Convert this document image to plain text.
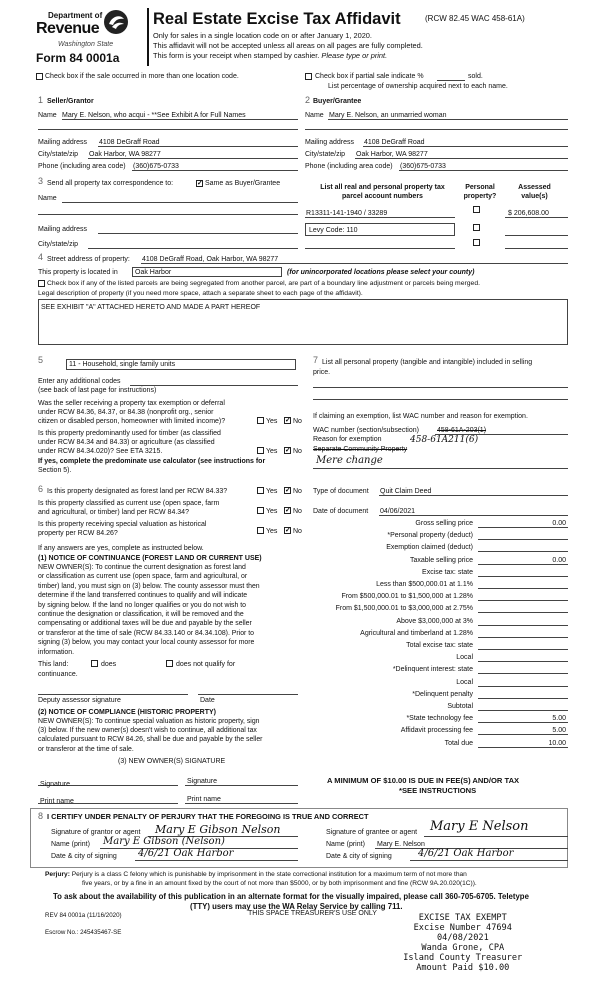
Department of
Revenue
Washington State
Form 84 0001a
Real Estate Excise Tax Affidavit	(RCW 82.45 WAC 458-61A)
Only for sales in a single location code on or after January 1, 2020.
This affidavit will not be accepted unless all areas on all pages are fully completed.
This form is your receipt when stamped by cashier. Please type or print.
Check box if the sale occurred in more than one location code.	Check box if partial sale indicate %	sold.
List percentage of ownership acquired next to each name.
1 Seller/Grantor
Name Mary E. Nelson, who acqui - **See Exhibit A for Full Names
Mailing address 4108 DeGraff Road
City/state/zip Oak Harbor, WA 98277
Phone (including area code) (360)675-0733
2 Buyer/Grantee
Name Mary E. Nelson, an unmarried woman
Mailing address 4108 DeGraff Road
City/state/zip Oak Harbor, WA 98277
Phone (including area code) (360)675-0733
3 Send all property tax correspondence to:	✓ Same as Buyer/Grantee
Name
Mailing address
City/state/zip
List all real and personal property tax parcel account numbers
Personal property?
Assessed value(s)
R13311-141-1940 / 33289	$ 206,608.00
Levy Code: 110
4 Street address of property: 4108 DeGraff Road, Oak Harbor, WA 98277
This property is located in Oak Harbor	(for unincorporated locations please select your county)
Check box if any of the listed parcels are being segregated from another parcel, are part of a boundary line adjustment or parcels being merged.
Legal description of property (if you need more space, attach a separate sheet to each page of the affidavit).
SEE EXHIBIT "A" ATTACHED HERETO AND MADE A PART HEREOF
5	11 - Household, single family units
Enter any additional codes
(see back of last page for instructions)
Was the seller receiving a property tax exemption or deferral
under RCW 84.36, 84.37, or 84.38 (nonprofit org., senior
citizen or disabled person, homeowner with limited income)?	Yes ✓ No
Is this property predominantly used for timber (as classified
under RCW 84.34 and 84.33) or agriculture (as classified
under RCW 84.34.020)? See ETA 3215.	Yes ✓ No
If yes, complete the predominate use calculator (see instructions for
Section 5).
7 List all personal property (tangible and intangible) included in selling
price.
If claiming an exemption, list WAC number and reason for exemption.
WAC number (section/subsection)	458-61A-203(1)
Reason for exemption	458-61A211(6)
Separate Community Property
Mere change
6 Is this property designated as forest land per RCW 84.33?	Yes ✓ No
Is this property classified as current use (open space, farm
and agricultural, or timber) land per RCW 84.34?	Yes ✓ No
Is this property receiving special valuation as historical
property per RCW 84.26?	Yes ✓ No
If any answers are yes, complete as instructed below.
(1) NOTICE OF CONTINUANCE (FOREST LAND OR CURRENT USE)
NEW OWNER(S): To continue the current designation as forest land
or classification as current use (open space, farm and agricultural, or
timber) land, you must sign on (3) below. The county assessor must then
determine if the land transferred continues to qualify and will indicate
by signing below. If the land no longer qualifies or you do not wish to
continue the designation or classification, it will be removed and the
compensating or additional taxes will be due and payable by the seller
or transferor at the time of sale (RCW 84.33.140 or 84.34.108). Prior to
signing (3) below, you may contact your local county assessor for more
information.
This land:	does	does not qualify for
continuance.
Deputy assessor signature	Date
(2) NOTICE OF COMPLIANCE (HISTORIC PROPERTY)
NEW OWNER(S): To continue special valuation as historic property, sign
(3) below. If the new owner(s) doesn't wish to continue, all additional tax
calculated pursuant to RCW 84.26, shall be due and payable by the seller
or transferor at the time of sale.
(3) NEW OWNER(S) SIGNATURE
Signature	Signature
Print name	Print name
Type of document Quit Claim Deed
Date of document 04/06/2021
Gross selling price	0.00
*Personal property (deduct)
Exemption claimed (deduct)
Taxable selling price	0.00
Excise tax: state
Less than $500,000.01 at 1.1%
From $500,000.01 to $1,500,000 at 1.28%
From $1,500,000.01 to $3,000,000 at 2.75%
Above $3,000,000 at 3%
Agricultural and timberland at 1.28%
Total excise tax: state
Local
*Delinquent interest: state
Local
*Delinquent penalty
Subtotal
*State technology fee	5.00
Affidavit processing fee	5.00
Total due	10.00
A MINIMUM OF $10.00 IS DUE IN FEE(S) AND/OR TAX
*SEE INSTRUCTIONS
8 I CERTIFY UNDER PENALTY OF PERJURY THAT THE FOREGOING IS TRUE AND CORRECT
Signature of grantor or agent Mary E Gibson Nelson
Name (print) Mary E Gibson (Nelson)
Date & city of signing 4/6/21 Oak Harbor
Signature of grantee or agent Mary E Nelson
Name (print) Mary E. Nelson
Date & city of signing	4/6/21 Oak Harbor
Perjury: Perjury is a class C felony which is punishable by imprisonment in the state correctional institution for a maximum term of not more than
five years, or by a fine in an amount fixed by the court of not more than $5000, or by both imprisonment and fine (RCW 9A.20.020(1C)).
To ask about the availability of this publication in an alternate format for the visually impaired, please call 360-705-6705. Teletype
(TTY) users may use the WA Relay Service by calling 711.
REV 84 0001a (11/16/2020)
Escrow No.: 245435467-SE
THIS SPACE TREASURER'S USE ONLY	EXCISE TAX EXEMPT
Excise Number 47694
04/08/2021
Wanda Grone, CPA
Island County Treasurer
Amount Paid $10.00
